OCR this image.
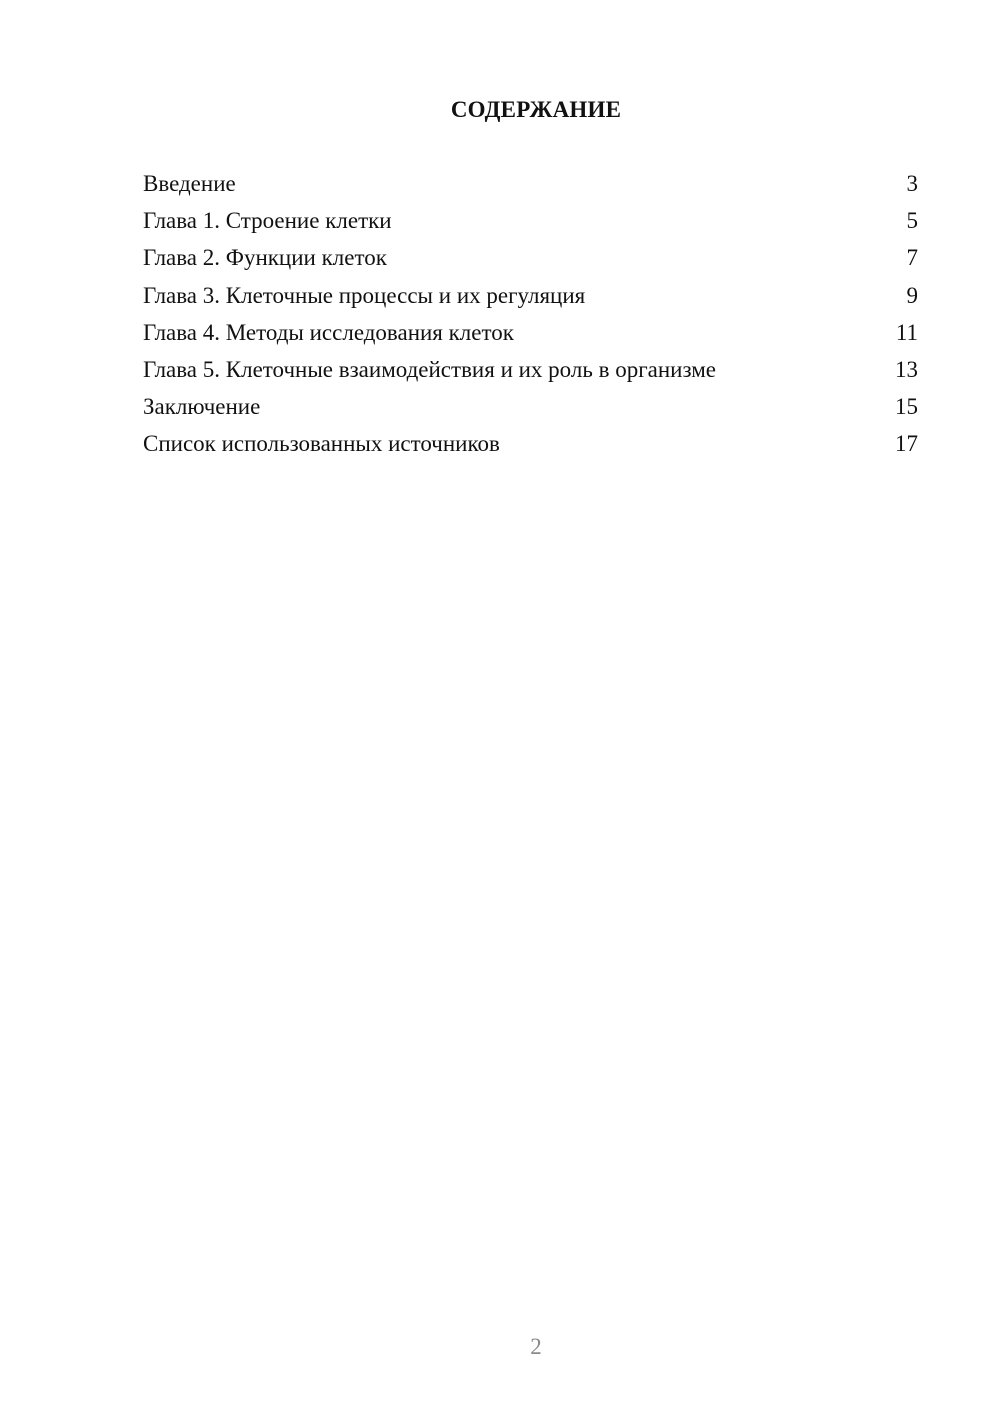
СОДЕРЖАНИЕ
Введение	3
Глава 1. Строение клетки	5
Глава 2. Функции клеток	7
Глава 3. Клеточные процессы и их регуляция	9
Глава 4. Методы исследования клеток	11
Глава 5. Клеточные взаимодействия и их роль в организме	13
Заключение	15
Список использованных источников	17
2
